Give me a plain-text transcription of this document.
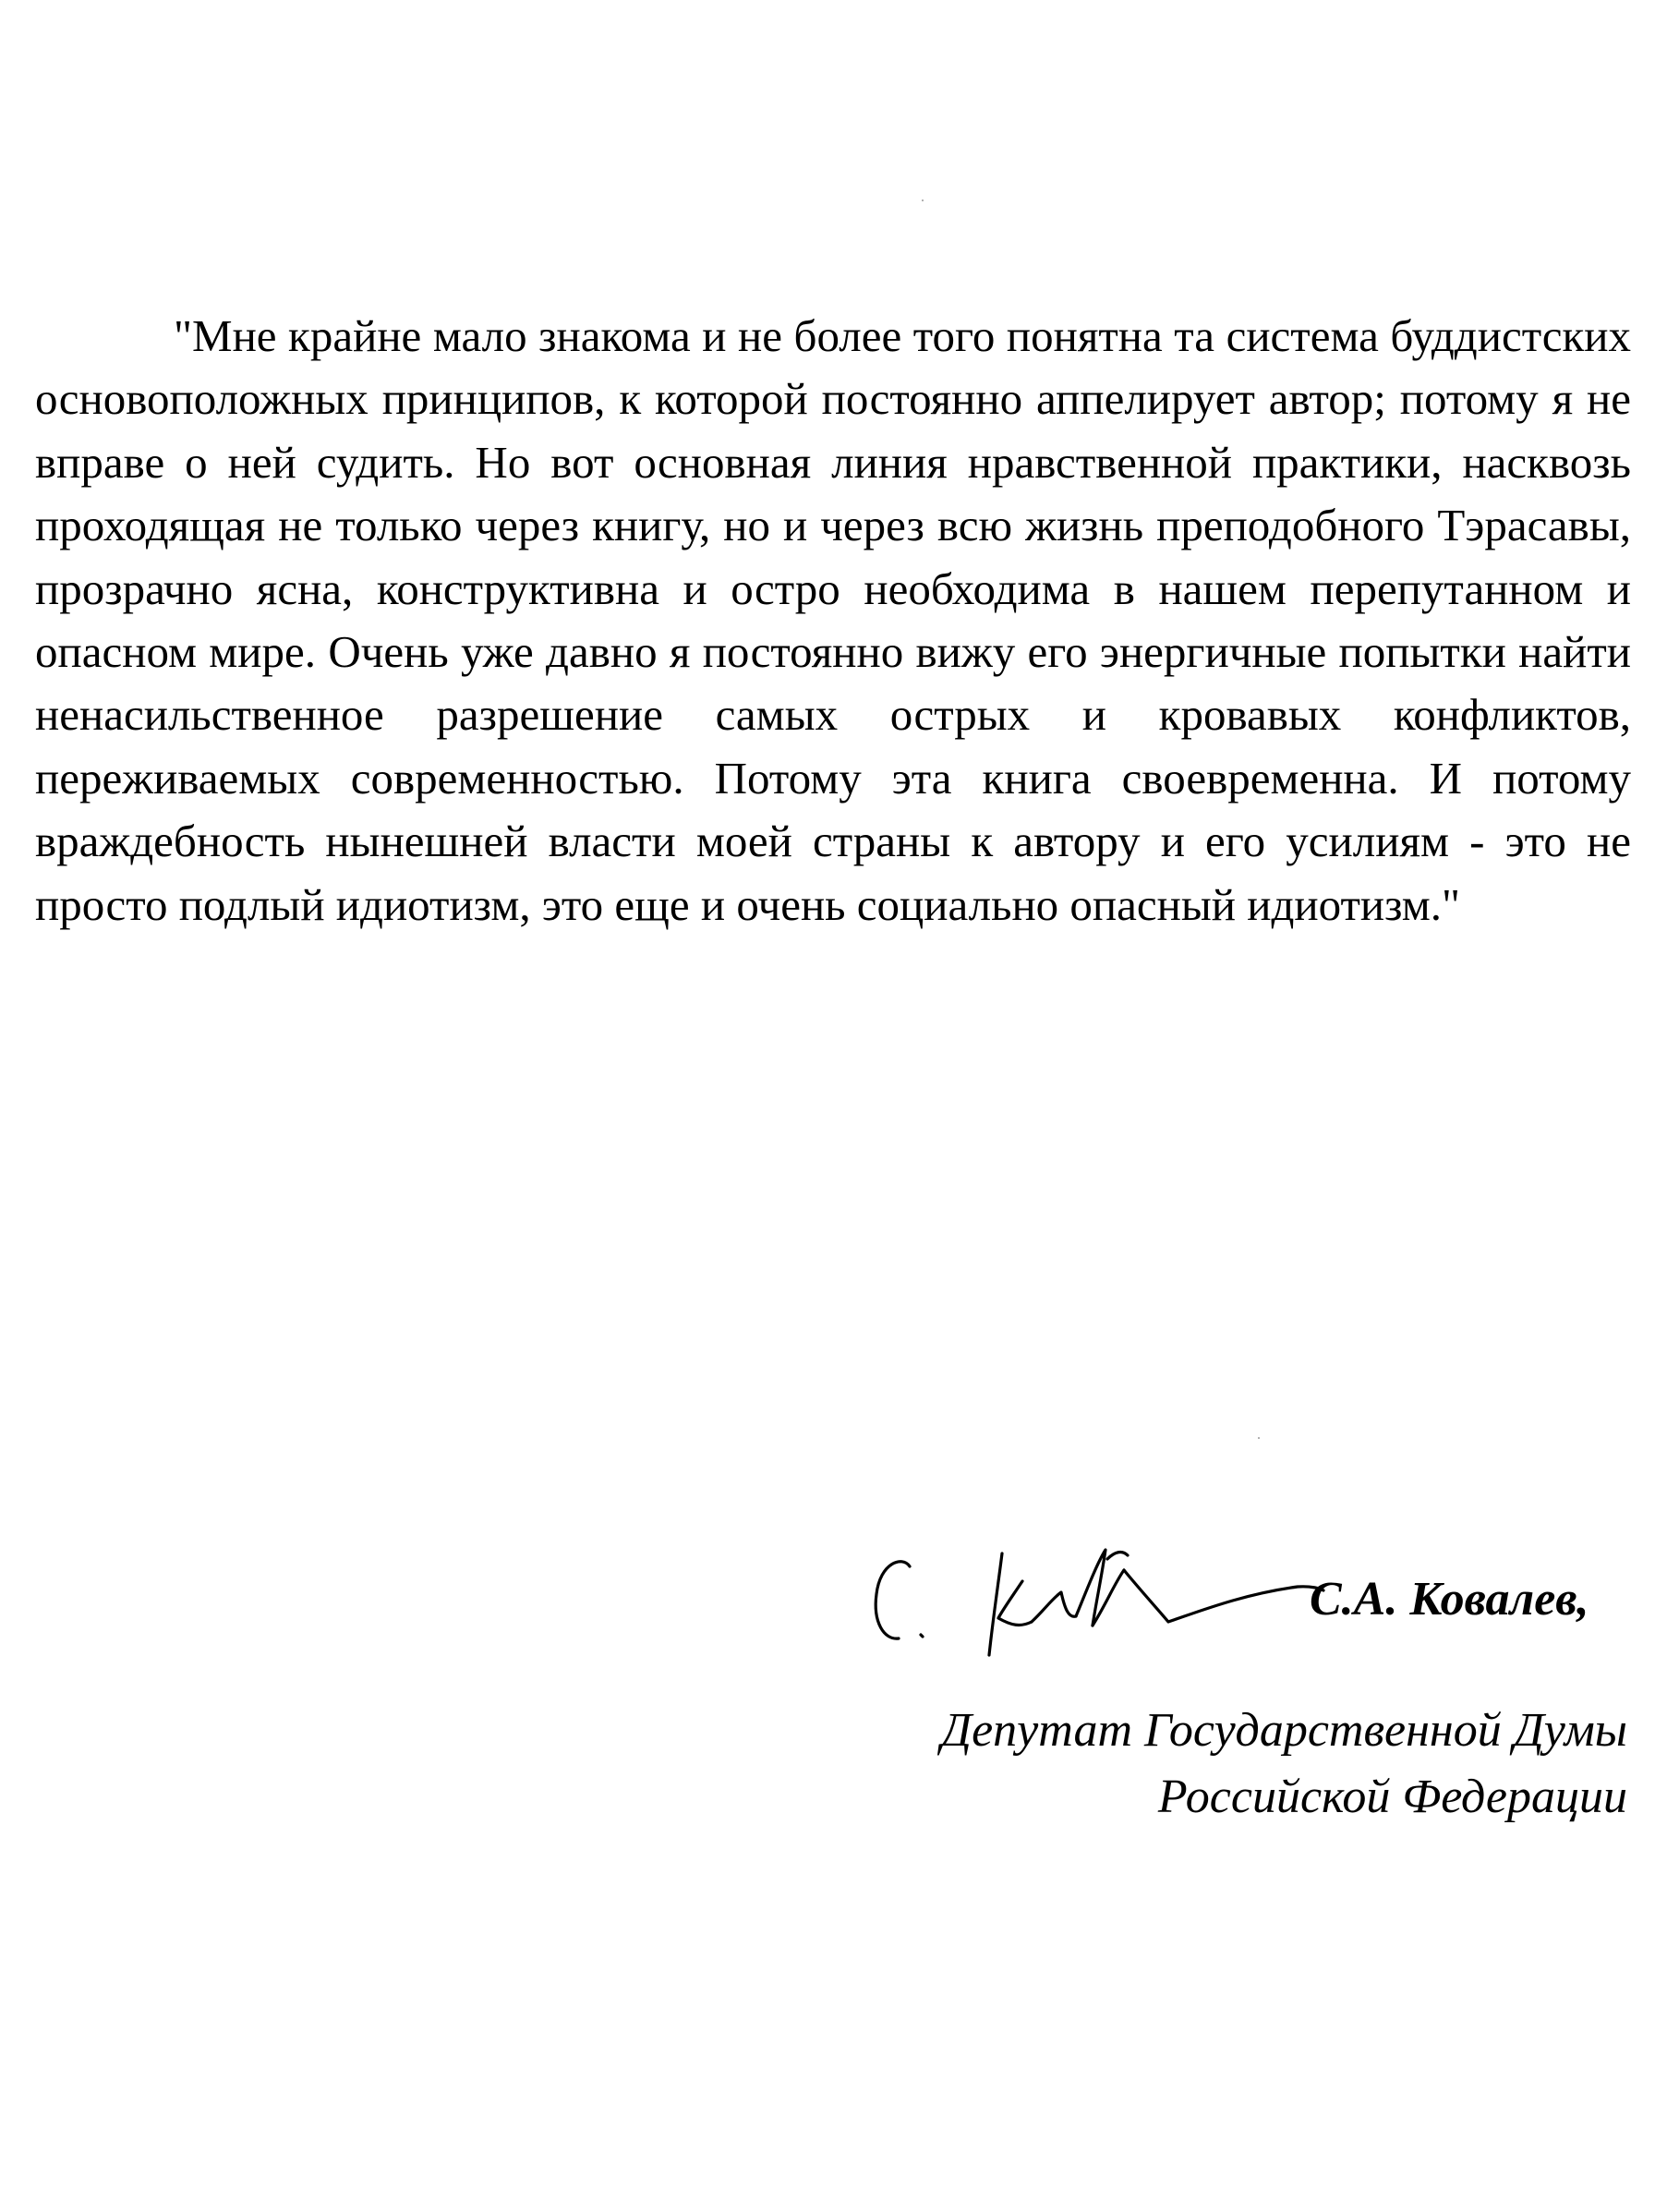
"Мне крайне мало знакома и не более того понятна та система буддистских основоположных принципов, к которой постоянно аппелирует автор; потому я не вправе о ней судить. Но вот основная линия нравственной практики, насквозь проходящая не только через книгу, но и через всю жизнь преподобного Тэрасавы, прозрачно ясна, конструктивна и остро необходима в нашем перепутанном и опасном мире. Очень уже давно я постоянно вижу его энергичные попытки найти ненасильственное разрешение самых острых и кровавых конфликтов, переживаемых современностью. Потому эта книга своевременна. И потому враждебность нынешней власти моей страны к автору и его усилиям - это не просто подлый идиотизм, это еще и очень социально опасный идиотизм."

С.А. Ковалев,
Депутат Государственной Думы
Российской Федерации
